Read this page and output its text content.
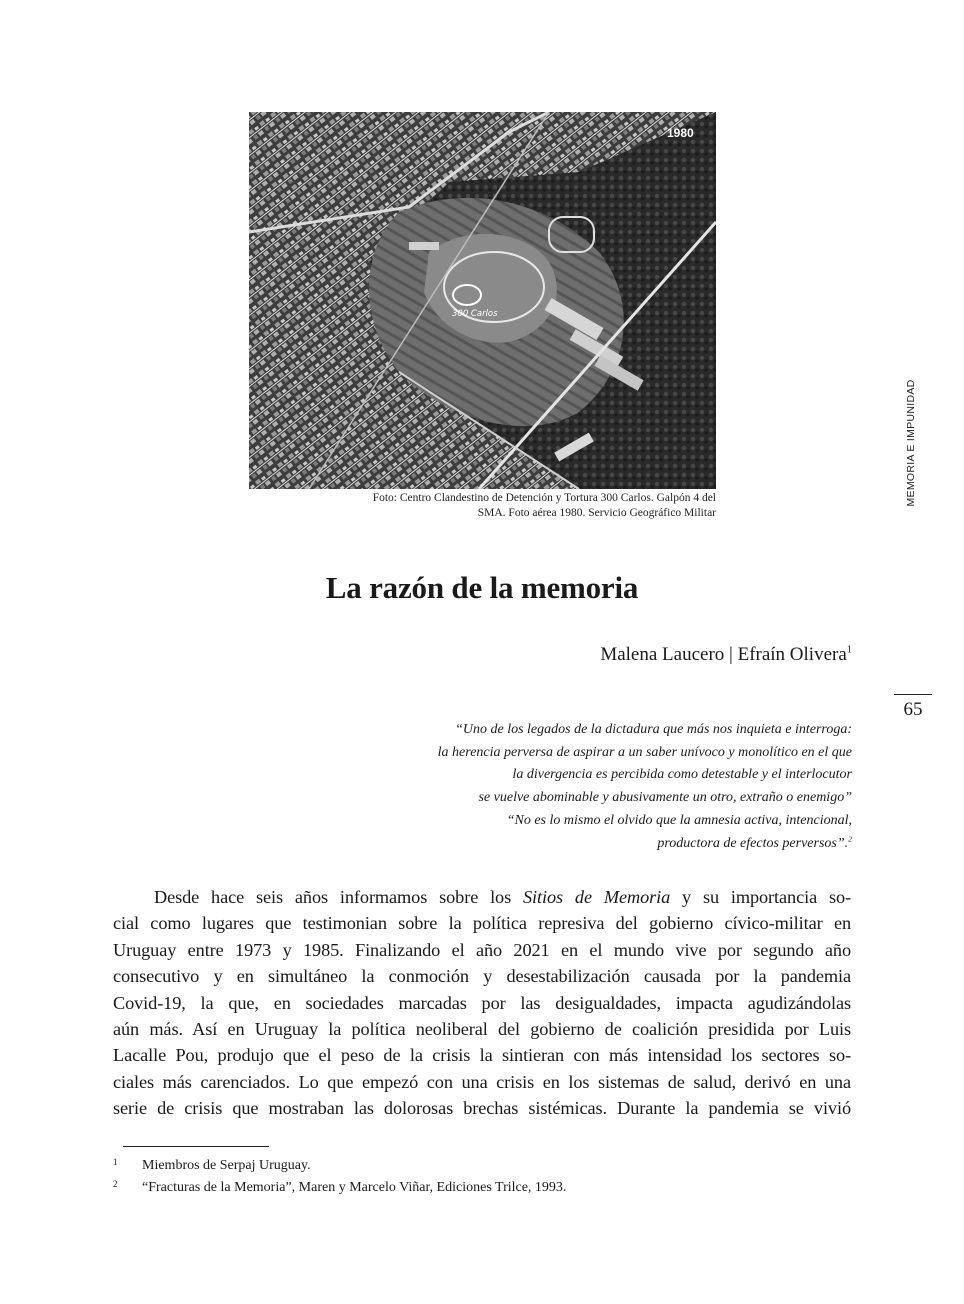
300 Carlos
1980
Foto: Centro Clandestino de Detención y Tortura 300 Carlos. Galpón 4 del
SMA. Foto aérea 1980. Servicio Geográfico Militar
MEMORIA E IMPUNIDAD
65
La razón de la memoria
Malena Laucero | Efraín Olivera$^1$
“Uno de los legados de la dictadura que más nos inquieta e interroga:
la herencia perversa de aspirar a un saber unívoco y monolítico en el que
la divergencia es percibida como detestable y el interlocutor
se vuelve abominable y abusivamente un otro, extraño o enemigo”
“No es lo mismo el olvido que la amnesia activa, intencional,
productora de efectos perversos”.$^2$
Desde hace seis años informamos sobre los Sitios de Memoria y su importancia so-
cial como lugares que testimonian sobre la política represiva del gobierno cívico-militar en
Uruguay entre 1973 y 1985. Finalizando el año 2021 en el mundo vive por segundo año
consecutivo y en simultáneo la conmoción y desestabilización causada por la pandemia
Covid-19, la que, en sociedades marcadas por las desigualdades, impacta agudizándolas
aún más. Así en Uruguay la política neoliberal del gobierno de coalición presidida por Luis
Lacalle Pou, produjo que el peso de la crisis la sintieran con más intensidad los sectores so-
ciales más carenciados. Lo que empezó con una crisis en los sistemas de salud, derivó en una
serie de crisis que mostraban las dolorosas brechas sistémicas. Durante la pandemia se vivió
1 Miembros de Serpaj Uruguay.
2 “Fracturas de la Memoria”, Maren y Marcelo Viñar, Ediciones Trilce, 1993.
